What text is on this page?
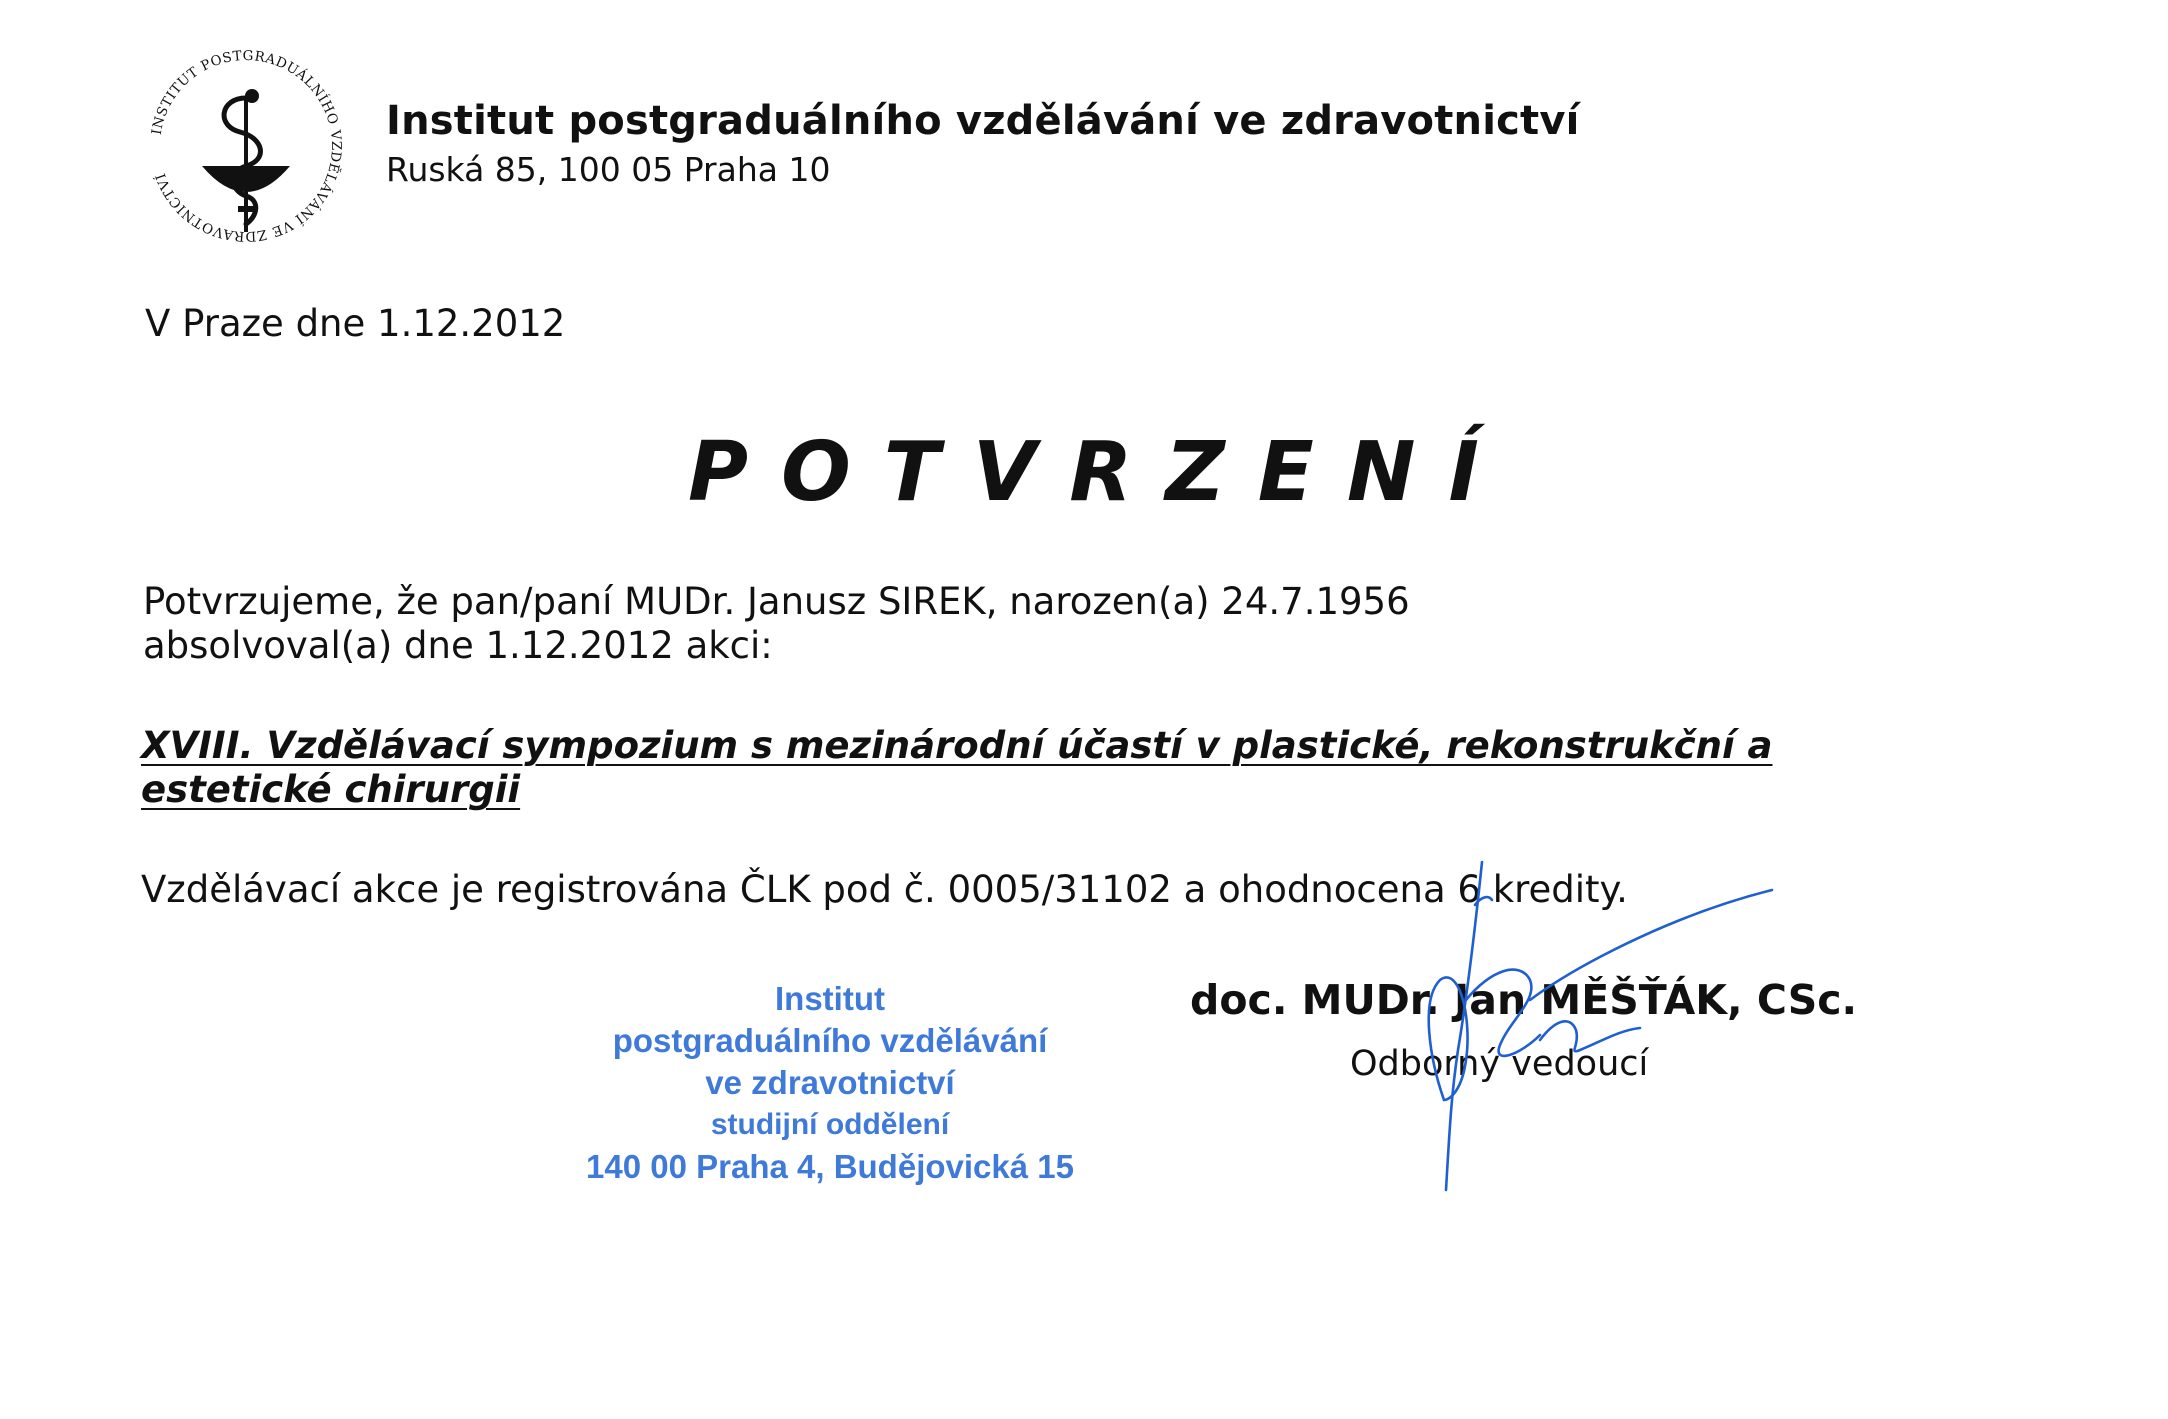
INSTITUT POSTGRADUÁLNÍHO VZDĚLÁVÁNÍ VE ZDRAVOTNICTVÍ
Institut postgraduálního vzdělávání ve zdravotnictví
Ruská 85, 100 05 Praha 10
V Praze dne 1.12.2012
POTVRZENÍ
Potvrzujeme, že pan/paní MUDr. Janusz SIREK, narozen(a) 24.7.1956
absolvoval(a) dne 1.12.2012 akci:
XVIII. Vzdělávací sympozium s mezinárodní účastí v plastické, rekonstrukční a estetické chirurgii
Vzdělávací akce je registrována ČLK pod č. 0005/31102 a ohodnocena 6 kredity.
Institut
postgraduálního vzdělávání
ve zdravotnictví
studijní oddělení
140 00 Praha 4, Budějovická 15
doc. MUDr. Jan MĚŠŤÁK, CSc.
Odborný vedoucí
